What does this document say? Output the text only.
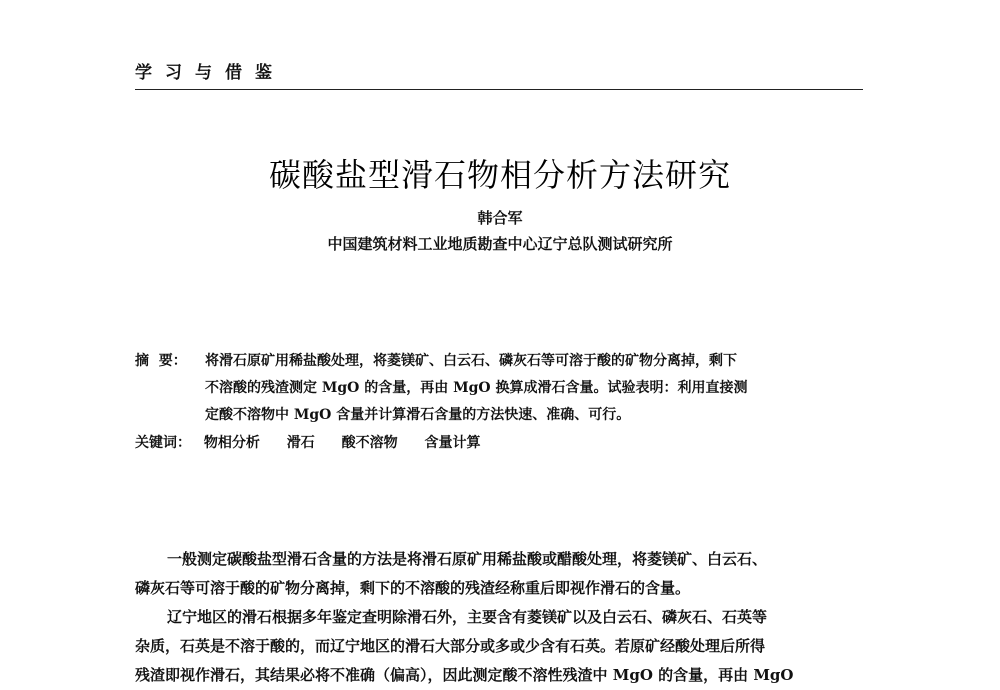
学习与借鉴
碳酸盐型滑石物相分析方法研究
韩合军
中国建筑材料工业地质勘查中心辽宁总队测试研究所
摘  要： 将滑石原矿用稀盐酸处理，将菱镁矿、白云石、磷灰石等可溶于酸的矿物分离掉，剩下
不溶酸的残渣测定 MgO 的含量，再由 MgO 换算成滑石含量。试验表明：利用直接测
定酸不溶物中 MgO 含量并计算滑石含量的方法快速、准确、可行。
关键词： 物相分析 滑石 酸不溶物 含量计算
一般测定碳酸盐型滑石含量的方法是将滑石原矿用稀盐酸或醋酸处理，将菱镁矿、白云石、
磷灰石等可溶于酸的矿物分离掉，剩下的不溶酸的残渣经称重后即视作滑石的含量。
辽宁地区的滑石根据多年鉴定查明除滑石外，主要含有菱镁矿以及白云石、磷灰石、石英等
杂质，石英是不溶于酸的，而辽宁地区的滑石大部分或多或少含有石英。若原矿经酸处理后所得
残渣即视作滑石，其结果必将不准确（偏高），因此测定酸不溶性残渣中 MgO 的含量，再由 MgO
